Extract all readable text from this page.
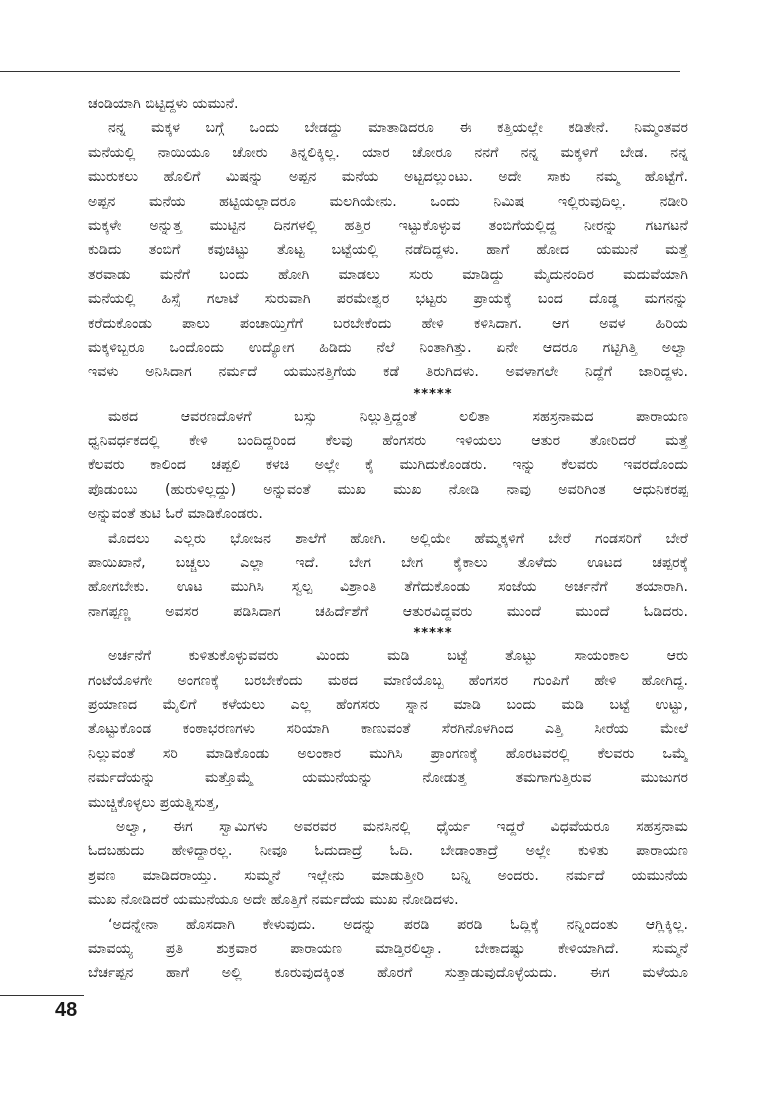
ಚಂಡಿಯಾಗಿ ಬಿಟ್ಟಿದ್ದಳು ಯಮುನೆ.
ನನ್ನ ಮಕ್ಕಳ ಬಗ್ಗೆ ಒಂದು ಬೇಡದ್ದು ಮಾತಾಡಿದರೂ ಈ ಕತ್ತಿಯಲ್ಲೇ ಕಡಿತೇನೆ. ನಿಮ್ಮಂತವರ
ಮನೆಯಲ್ಲಿ ನಾಯಿಯೂ ಚೋರು ತಿನ್ನಲಿಕ್ಕಿಲ್ಲ. ಯಾರ ಚೋರೂ ನನಗೆ ನನ್ನ ಮಕ್ಕಳಿಗೆ ಬೇಡ. ನನ್ನ
ಮುರುಕಲು ಹೊಲಿಗೆ ಮಿಷನ್ನು ಅಪ್ಪನ ಮನೆಯ ಅಟ್ಟದಲ್ಲುಂಟು. ಅದೇ ಸಾಕು ನಮ್ಮ ಹೊಟ್ಟೆಗೆ.
ಅಪ್ಪನ ಮನೆಯ ಹಟ್ಟಿಯಲ್ಲಾದರೂ ಮಲಗಿಯೇನು. ಒಂದು ನಿಮಿಷ ಇಲ್ಲಿರುವುದಿಲ್ಲ. ನಡೀರಿ
ಮಕ್ಕಳೇ ಅನ್ನುತ್ತ ಮುಟ್ಟಿನ ದಿನಗಳಲ್ಲಿ ಹತ್ತಿರ ಇಟ್ಟುಕೊಳ್ಳುವ ತಂಬಿಗೆಯಲ್ಲಿದ್ದ ನೀರನ್ನು ಗಟಗಟನೆ
ಕುಡಿದು ತಂಬಿಗೆ ಕವುಚಿಟ್ಟು ತೊಟ್ಟ ಬಟ್ಟೆಯಲ್ಲಿ ನಡೆದಿದ್ದಳು. ಹಾಗೆ ಹೋದ ಯಮುನೆ ಮತ್ತೆ
ತರವಾಡು ಮನೆಗೆ ಬಂದು ಹೋಗಿ ಮಾಡಲು ಸುರು ಮಾಡಿದ್ದು ಮೈದುನಂದಿರ ಮದುವೆಯಾಗಿ
ಮನೆಯಲ್ಲಿ ಹಿಸ್ಸೆ ಗಲಾಟೆ ಸುರುವಾಗಿ ಪರಮೇಶ್ವರ ಭಟ್ಟರು ಪ್ರಾಯಕ್ಕೆ ಬಂದ ದೊಡ್ಡ ಮಗನನ್ನು
ಕರೆದುಕೊಂಡು ಪಾಲು ಪಂಚಾಯ್ತಿಗೆಗೆ ಬರಬೇಕೆಂದು ಹೇಳಿ ಕಳಿಸಿದಾಗ. ಆಗ ಅವಳ ಹಿರಿಯ
ಮಕ್ಕಳಿಬ್ಬರೂ ಒಂದೊಂದು ಉದ್ಯೋಗ ಹಿಡಿದು ನೆಲೆ ನಿಂತಾಗಿತ್ತು. ಏನೇ ಆದರೂ ಗಟ್ಟಿಗಿತ್ತಿ ಅಲ್ವಾ
ಇವಳು ಅನಿಸಿದಾಗ ನರ್ಮದೆ ಯಮುನತ್ತಿಗೆಯ ಕಡೆ ತಿರುಗಿದಳು. ಅವಳಾಗಲೇ ನಿದ್ದೆಗೆ ಜಾರಿದ್ದಳು.
*****
ಮಠದ ಆವರಣದೊಳಗೆ ಬಸ್ಸು ನಿಲ್ಲುತ್ತಿದ್ದಂತೆ ಲಲಿತಾ ಸಹಸ್ರನಾಮದ ಪಾರಾಯಣ
ಧ್ವನಿವರ್ಧಕದಲ್ಲಿ ಕೇಳಿ ಬಂದಿದ್ದರಿಂದ ಕೆಲವು ಹೆಂಗಸರು ಇಳಿಯಲು ಆತುರ ತೋರಿದರೆ ಮತ್ತೆ
ಕೆಲವರು ಕಾಲಿಂದ ಚಪ್ಪಲಿ ಕಳಚಿ ಅಲ್ಲೇ ಕೈ ಮುಗಿದುಕೊಂಡರು. ಇನ್ನು ಕೆಲವರು ಇವರದೊಂದು
ಪೊಡುಂಬು (ಹುರುಳಿಲ್ಲದ್ದು) ಅನ್ನುವಂತೆ ಮುಖ ಮುಖ ನೋಡಿ ನಾವು ಅವರಿಗಿಂತ ಆಧುನಿಕರಪ್ಪ
ಅನ್ನುವಂತೆ ತುಟಿ ಓರೆ ಮಾಡಿಕೊಂಡರು.
ಮೊದಲು ಎಲ್ಲರು ಭೋಜನ ಶಾಲೆಗೆ ಹೋಗಿ. ಅಲ್ಲಿಯೇ ಹೆಮ್ಮಕ್ಕಳಿಗೆ ಬೇರೆ ಗಂಡಸರಿಗೆ ಬೇರೆ
ಪಾಯಿಖಾನೆ, ಬಚ್ಚಲು ಎಲ್ಲಾ ಇದೆ. ಬೇಗ ಬೇಗ ಕೈಕಾಲು ತೊಳೆದು ಊಟದ ಚಪ್ಪರಕ್ಕೆ
ಹೋಗಬೇಕು. ಊಟ ಮುಗಿಸಿ ಸ್ವಲ್ಪ ವಿಶ್ರಾಂತಿ ತೆಗೆದುಕೊಂಡು ಸಂಜೆಯ ಅರ್ಚನೆಗೆ ತಯಾರಾಗಿ.
ನಾಗಪ್ಪಣ್ಣ ಅವಸರ ಪಡಿಸಿದಾಗ ಚಹಿರ್ದೆಶೆಗೆ ಆತುರವಿದ್ದವರು ಮುಂದೆ ಮುಂದೆ ಓಡಿದರು.
*****
ಅರ್ಚನೆಗೆ ಕುಳಿತುಕೊಳ್ಳುವವರು ಮಿಂದು ಮಡಿ ಬಟ್ಟೆ ತೊಟ್ಟು ಸಾಯಂಕಾಲ ಆರು
ಗಂಟೆಯೊಳಗೇ ಅಂಗಣಕ್ಕೆ ಬರಬೇಕೆಂದು ಮಠದ ಮಾಣಿಯೊಬ್ಬ ಹೆಂಗಸರ ಗುಂಪಿಗೆ ಹೇಳಿ ಹೋಗಿದ್ದ.
ಪ್ರಯಾಣದ ಮೈಲಿಗೆ ಕಳೆಯಲು ಎಲ್ಲ ಹೆಂಗಸರು ಸ್ನಾನ ಮಾಡಿ ಬಂದು ಮಡಿ ಬಟ್ಟೆ ಉಟ್ಟು,
ತೊಟ್ಟುಕೊಂಡ ಕಂಠಾಭರಣಗಳು ಸರಿಯಾಗಿ ಕಾಣುವಂತೆ ಸೆರಗಿನೊಳಗಿಂದ ಎತ್ತಿ ಸೀರೆಯ ಮೇಲೆ
ನಿಲ್ಲುವಂತೆ ಸರಿ ಮಾಡಿಕೊಂಡು ಅಲಂಕಾರ ಮುಗಿಸಿ ಪ್ರಾಂಗಣಕ್ಕೆ ಹೊರಟವರಲ್ಲಿ ಕೆಲವರು ಒಮ್ಮೆ
ನರ್ಮದೆಯನ್ನು ಮತ್ತೊಮ್ಮೆ ಯಮುನೆಯನ್ನು ನೋಡುತ್ತ ತಮಗಾಗುತ್ತಿರುವ ಮುಜುಗರ
ಮುಚ್ಚಿಕೊಳ್ಳಲು ಪ್ರಯತ್ನಿಸುತ್ತ,
ಅಲ್ವಾ, ಈಗ ಸ್ವಾಮಿಗಳು ಅವರವರ ಮನಸಿನಲ್ಲಿ ಧೈರ್ಯ ಇದ್ದರೆ ವಿಧವೆಯರೂ ಸಹಸ್ರನಾಮ
ಓದಬಹುದು ಹೇಳಿದ್ದಾರಲ್ಲ. ನೀವೂ ಓದುದಾದ್ರೆ ಓದಿ. ಬೇಡಾಂತಾದ್ರೆ ಅಲ್ಲೇ ಕುಳಿತು ಪಾರಾಯಣ
ಶ್ರವಣ ಮಾಡಿದರಾಯ್ತು. ಸುಮ್ಮನೆ ಇಲ್ಲೇನು ಮಾಡುತ್ತೀರಿ ಬನ್ನಿ ಅಂದರು. ನರ್ಮದೆ ಯಮುನೆಯ
ಮುಖ ನೋಡಿದರೆ ಯಮುನೆಯೂ ಅದೇ ಹೊತ್ತಿಗೆ ನರ್ಮದೆಯ ಮುಖ ನೋಡಿದಳು.
‘ಅದನ್ನೇನಾ ಹೊಸದಾಗಿ ಕೇಳುವುದು. ಅದನ್ನು ಪರಡಿ ಪರಡಿ ಓದ್ಲಿಕ್ಕೆ ನನ್ನಿಂದಂತು ಆಗ್ಲಿಕ್ಕಿಲ್ಲ.
ಮಾವಯ್ಯ ಪ್ರತಿ ಶುಕ್ರವಾರ ಪಾರಾಯಣ ಮಾಡ್ತಿರಲಿಲ್ವಾ. ಬೇಕಾದಷ್ಟು ಕೇಳಿಯಾಗಿದೆ. ಸುಮ್ಮನೆ
ಬೆರ್ಚಪ್ಪನ ಹಾಗೆ ಅಲ್ಲಿ ಕೂರುವುದಕ್ಕಿಂತ ಹೊರಗೆ ಸುತ್ತಾಡುವುದೊಳ್ಳೆಯದು. ಈಗ ಮಳೆಯೂ
48
